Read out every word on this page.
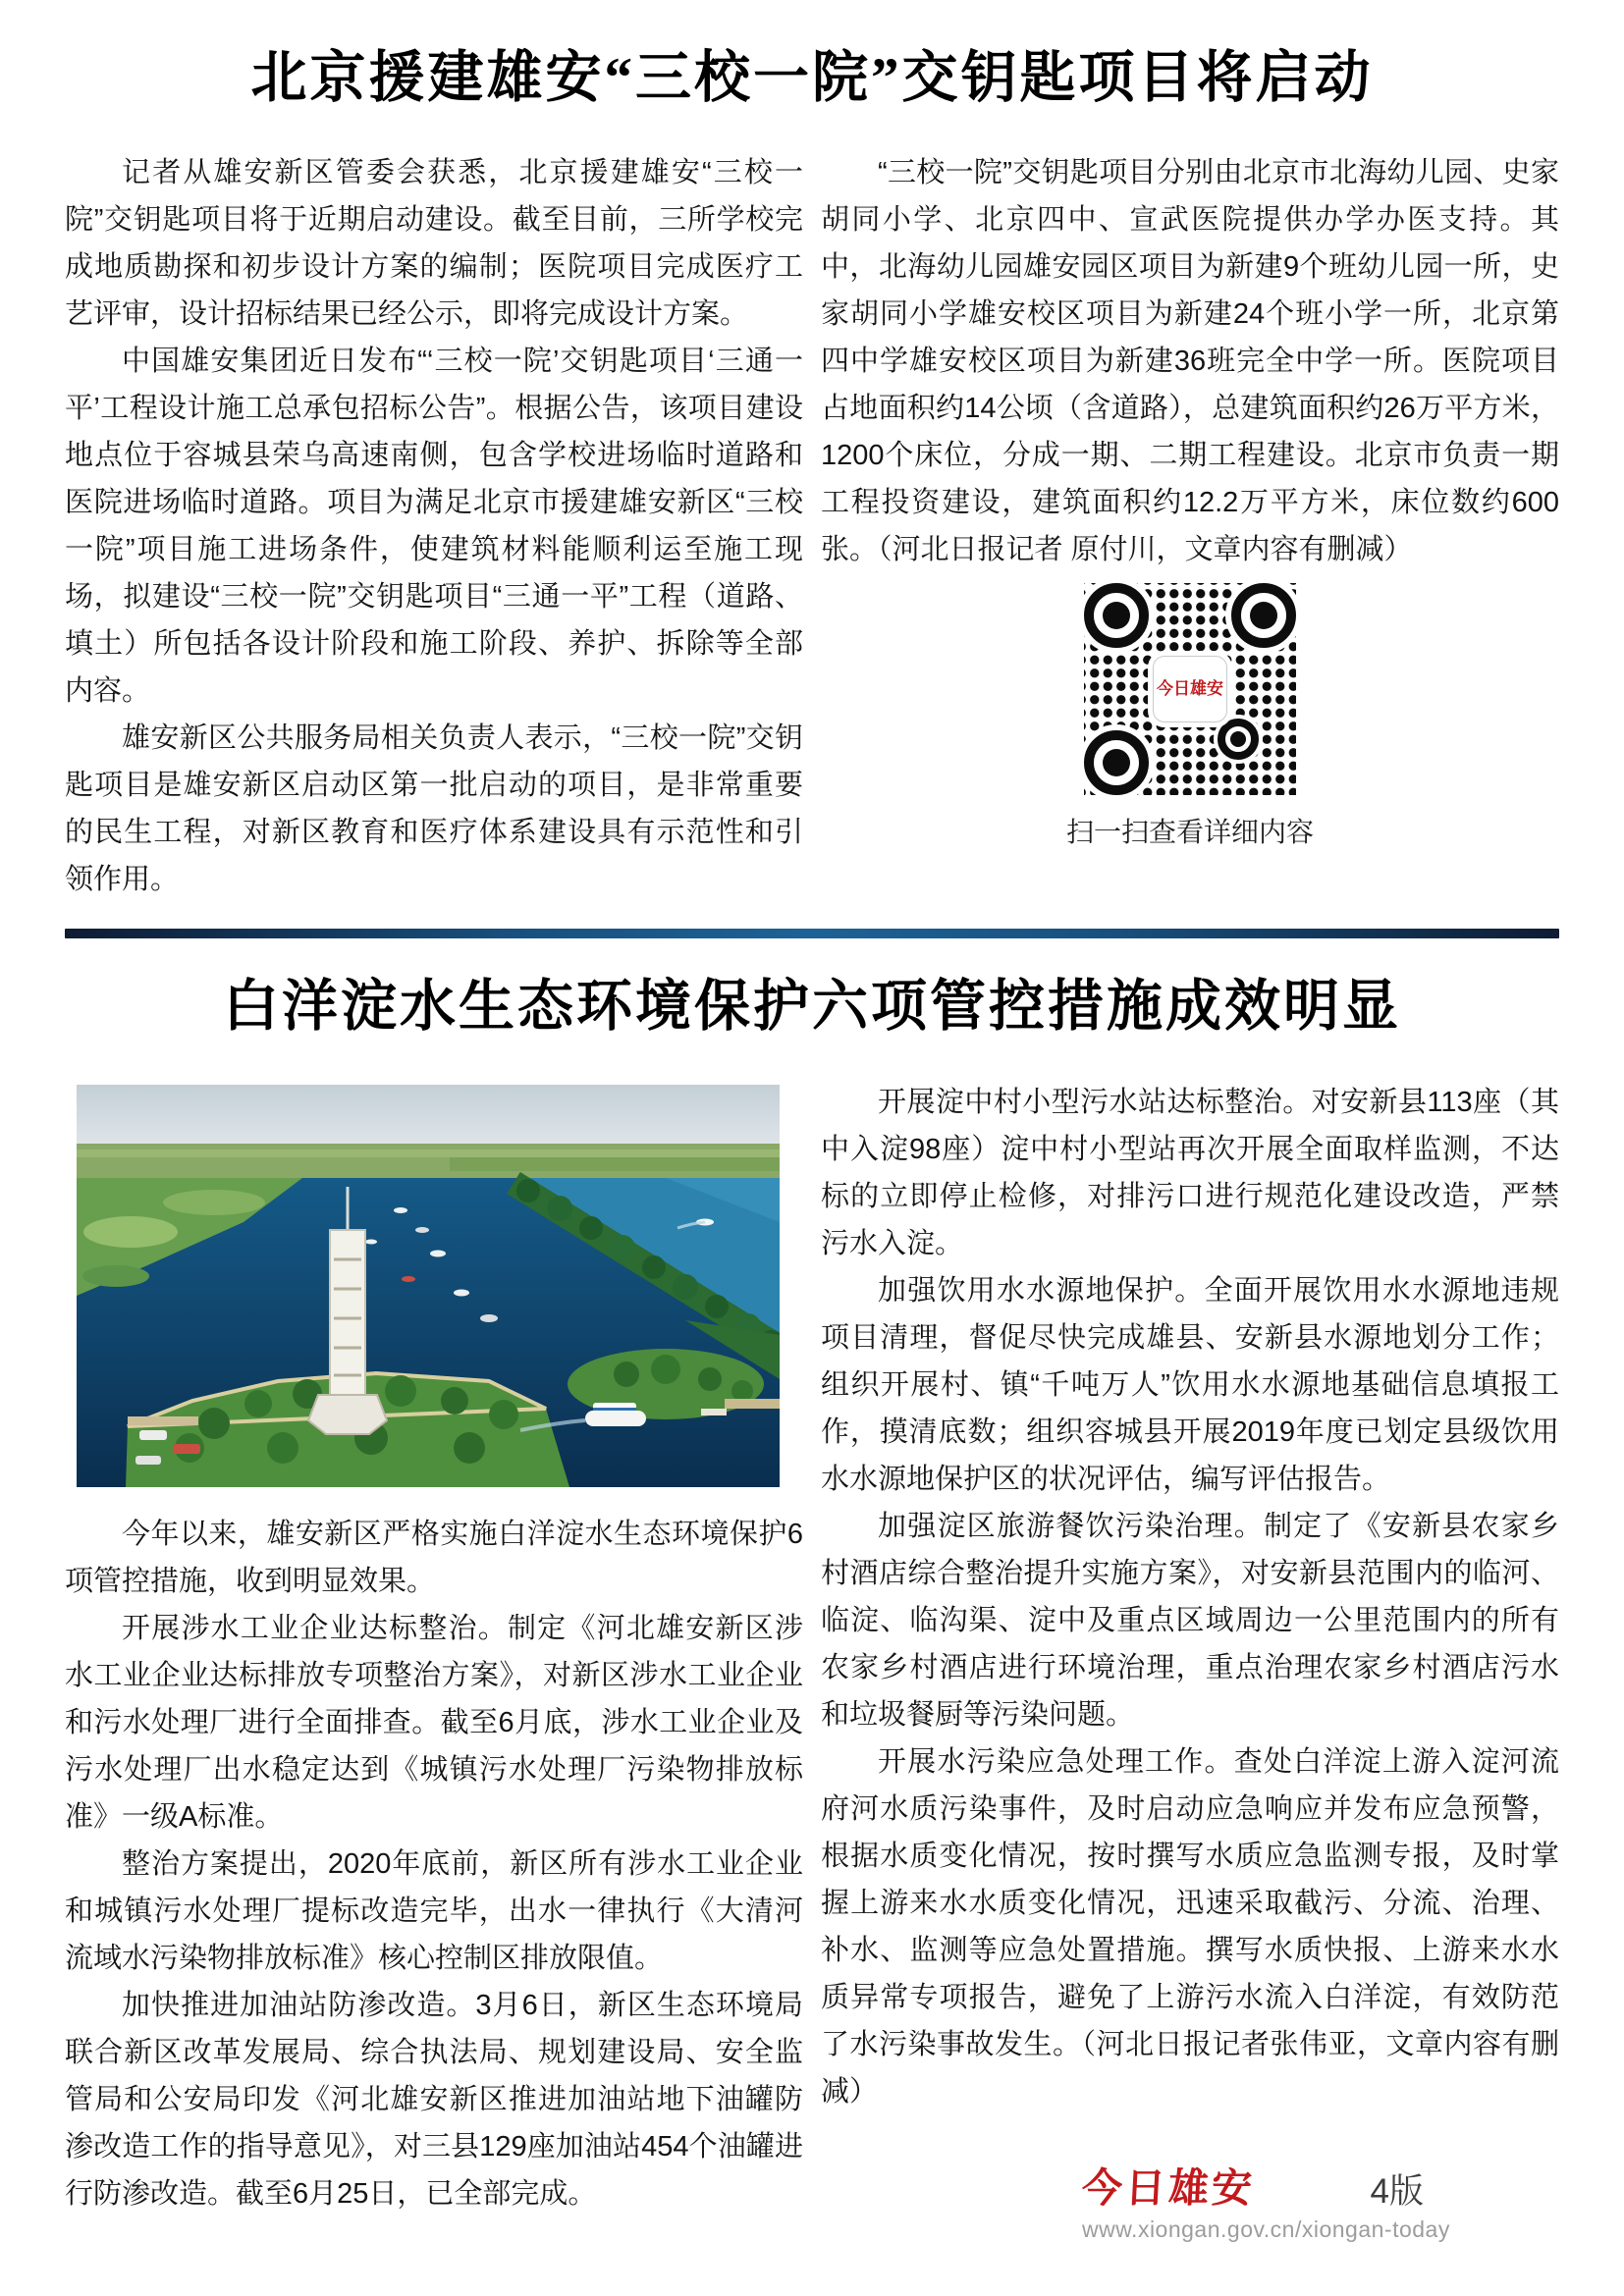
北京援建雄安“三校一院”交钥匙项目将启动

记者从雄安新区管委会获悉，北京援建雄安“三校一院”交钥匙项目将于近期启动建设。截至目前，三所学校完成地质勘探和初步设计方案的编制；医院项目完成医疗工艺评审，设计招标结果已经公示，即将完成设计方案。

中国雄安集团近日发布“‘三校一院’交钥匙项目‘三通一平’工程设计施工总承包招标公告”。根据公告，该项目建设地点位于容城县荣乌高速南侧，包含学校进场临时道路和医院进场临时道路。项目为满足北京市援建雄安新区“三校一院”项目施工进场条件，使建筑材料能顺利运至施工现场，拟建设“三校一院”交钥匙项目“三通一平”工程（道路、填土）所包括各设计阶段和施工阶段、养护、拆除等全部内容。

雄安新区公共服务局相关负责人表示，“三校一院”交钥匙项目是雄安新区启动区第一批启动的项目，是非常重要的民生工程，对新区教育和医疗体系建设具有示范性和引领作用。

“三校一院”交钥匙项目分别由北京市北海幼儿园、史家胡同小学、北京四中、宣武医院提供办学办医支持。其中，北海幼儿园雄安园区项目为新建9个班幼儿园一所，史家胡同小学雄安校区项目为新建24个班小学一所，北京第四中学雄安校区项目为新建36班完全中学一所。医院项目占地面积约14公顷（含道路），总建筑面积约26万平方米，1200个床位，分成一期、二期工程建设。北京市负责一期工程投资建设，建筑面积约12.2万平方米，床位数约600张。（河北日报记者 原付川，文章内容有删减）

今日雄安
扫一扫查看详细内容
白洋淀水生态环境保护六项管控措施成效明显

今年以来，雄安新区严格实施白洋淀水生态环境保护6项管控措施，收到明显效果。

开展涉水工业企业达标整治。制定《河北雄安新区涉水工业企业达标排放专项整治方案》，对新区涉水工业企业和污水处理厂进行全面排查。截至6月底，涉水工业企业及污水处理厂出水稳定达到《城镇污水处理厂污染物排放标准》一级A标准。

整治方案提出，2020年底前，新区所有涉水工业企业和城镇污水处理厂提标改造完毕，出水一律执行《大清河流域水污染物排放标准》核心控制区排放限值。

加快推进加油站防渗改造。3月6日，新区生态环境局联合新区改革发展局、综合执法局、规划建设局、安全监管局和公安局印发《河北雄安新区推进加油站地下油罐防渗改造工作的指导意见》，对三县129座加油站454个油罐进行防渗改造。截至6月25日，已全部完成。

开展淀中村小型污水站达标整治。对安新县113座（其中入淀98座）淀中村小型站再次开展全面取样监测，不达标的立即停止检修，对排污口进行规范化建设改造，严禁污水入淀。

加强饮用水水源地保护。全面开展饮用水水源地违规项目清理，督促尽快完成雄县、安新县水源地划分工作；组织开展村、镇“千吨万人”饮用水水源地基础信息填报工作，摸清底数；组织容城县开展2019年度已划定县级饮用水水源地保护区的状况评估，编写评估报告。

加强淀区旅游餐饮污染治理。制定了《安新县农家乡村酒店综合整治提升实施方案》，对安新县范围内的临河、临淀、临沟渠、淀中及重点区域周边一公里范围内的所有农家乡村酒店进行环境治理，重点治理农家乡村酒店污水和垃圾餐厨等污染问题。

开展水污染应急处理工作。查处白洋淀上游入淀河流府河水质污染事件，及时启动应急响应并发布应急预警，根据水质变化情况，按时撰写水质应急监测专报，及时掌握上游来水水质变化情况，迅速采取截污、分流、治理、补水、监测等应急处置措施。撰写水质快报、上游来水水质异常专项报告，避免了上游污水流入白洋淀，有效防范了水污染事故发生。（河北日报记者张伟亚，文章内容有删减）

今日雄安	4版
www.xiongan.gov.cn/xiongan-today
